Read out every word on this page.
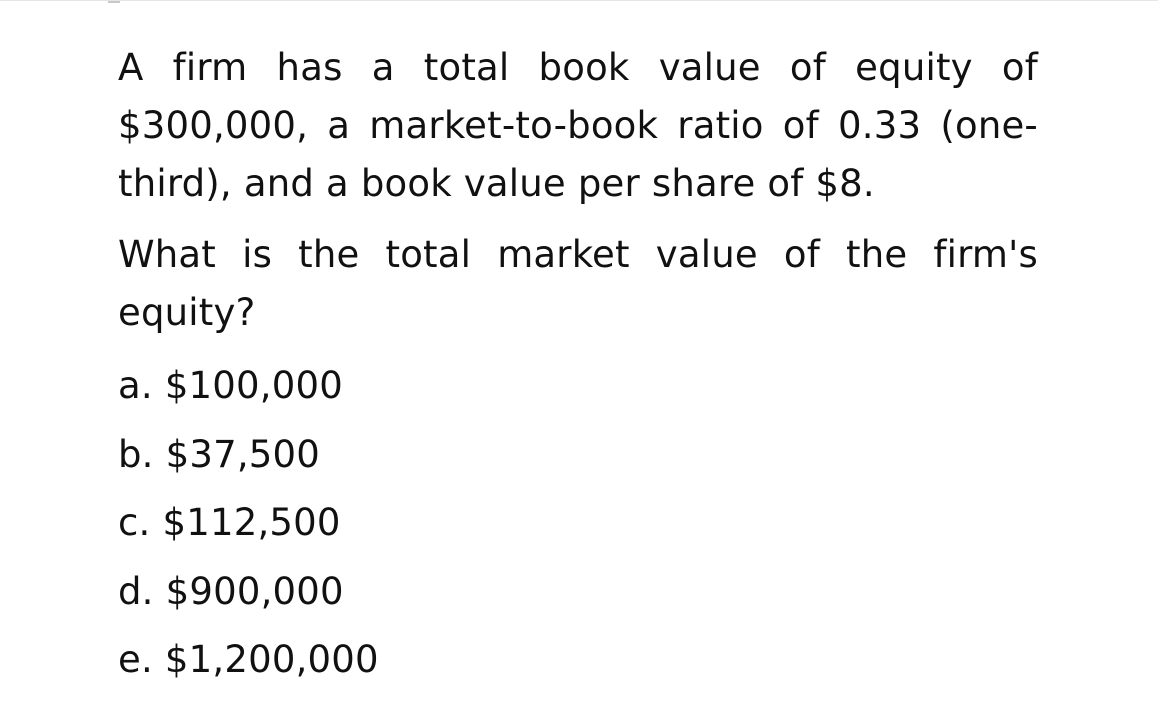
A firm has a total book value of equity of $300,000, a market-to-book ratio of 0.33 (one-third), and a book value per share of $8.

What is the total market value of the firm's equity?

a. $100,000
b. $37,500
c. $112,500
d. $900,000
e. $1,200,000
